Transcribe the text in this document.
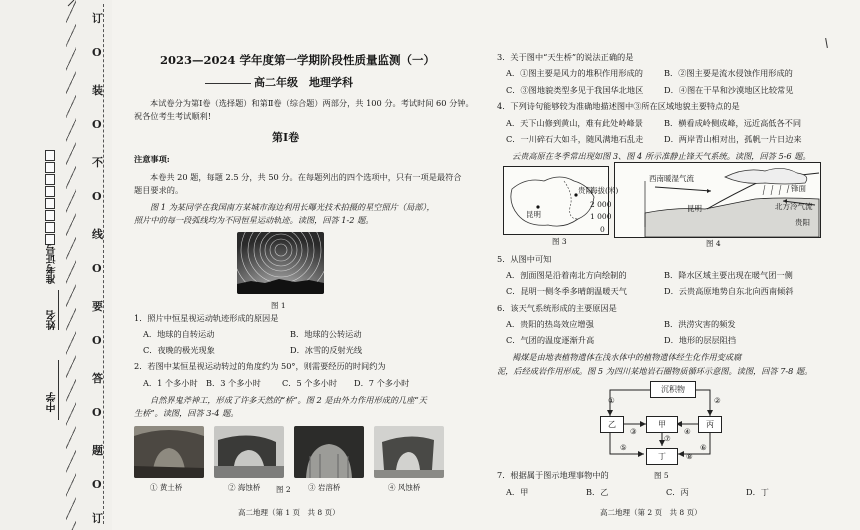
订
O
装
O
不
O
线
O
要
O
答
O
题
O
订
准考证号
姓名
中学
2023—2024 学年度第一学期阶段性质量监测（一）
高二年级　地理学科
本试卷分为第Ⅰ卷（选择题）和第Ⅱ卷（综合题）两部分，共 100 分。考试时间 60 分钟。
祝各位考生考试顺利!
第Ⅰ卷
注意事项:
本卷共 20 题，每题 2.5 分，共 50 分。在每题列出的四个选项中，只有一项是最符合
题目要求的。
图 1 为某同学在我国南方某城市海边利用长曝光技术拍摄的星空照片（局部），
照片中的每一段弧线均为不同恒星运动轨迹。读图，回答 1-2 题。
图 1
1．照片中恒星视运动轨迹形成的原因是
A．地球的自转运动	B．地球的公转运动
C．夜晚的极光现象	D．冰雪的反射光线
2．若图中某恒星视运动转过的角度约为 50°，则需要经历的时间约为
A．1 个多小时 B．3 个多小时	C．5 个多小时 D．7 个多小时
自然界鬼斧神工，形成了许多天然的“桥”。图 2 是由外力作用形成的几座“天
生桥”。读图，回答 3-4 题。
① 黄土桥	② 海蚀桥	③ 岩溶桥	④ 风蚀桥
图 2
高二地理（第 1 页　共 8 页）
3．关于图中“天生桥”的说法正确的是
A．①图主要是风力的堆积作用形成的	B．②图主要是流水侵蚀作用形成的
C．③图地貌类型多见于我国华北地区	D．④图在干旱和沙漠地区比较常见
4．下列诗句能够较为准确地描述图中③所在区域地貌主要特点的是
A．天下山修到黄山，难有此处岭峰景	B．横看成岭侧成峰，远近高低各不同
C．一川碎石大如斗，随风满地石乱走	D．两岸青山相对出，孤帆一片日边来
云贵高原在冬季常出现如图 3、图 4 所示准静止锋天气系统。读图，回答 5-6 题。
贵阳
昆明
图 3
西南暖湿气流
锋面
北方冷气流
昆明
贵阳
海拔(米)
2 000
1 000
0
图 4
5．从图中可知
A．剖面图是沿着南北方向绘制的	B．降水区域主要出现在暖气团一侧
C．昆明一侧冬季多晴朗温暖天气	D．云贵高原地势自东北向西南倾斜
6．该天气系统形成的主要原因是
A．贵阳的热岛效应增强	B．洪涝灾害的频发
C．气团的温度逐渐升高	D．地形的层层阻挡
褐煤是由地表植物遗体在浅水体中的植物遗体经生化作用变成腐
泥，后经成岩作用形成。图 5 为四川某地岩石圈物质循环示意图。读图，回答 7-8 题。
沉积物
乙	甲	丙
丁
①	②
③	④
⑤	⑥
⑦
⑧
图 5
7．根据属于图示地理事物中的
A．甲	B．乙	C．丙	D．丁
高二地理（第 2 页　共 8 页）
